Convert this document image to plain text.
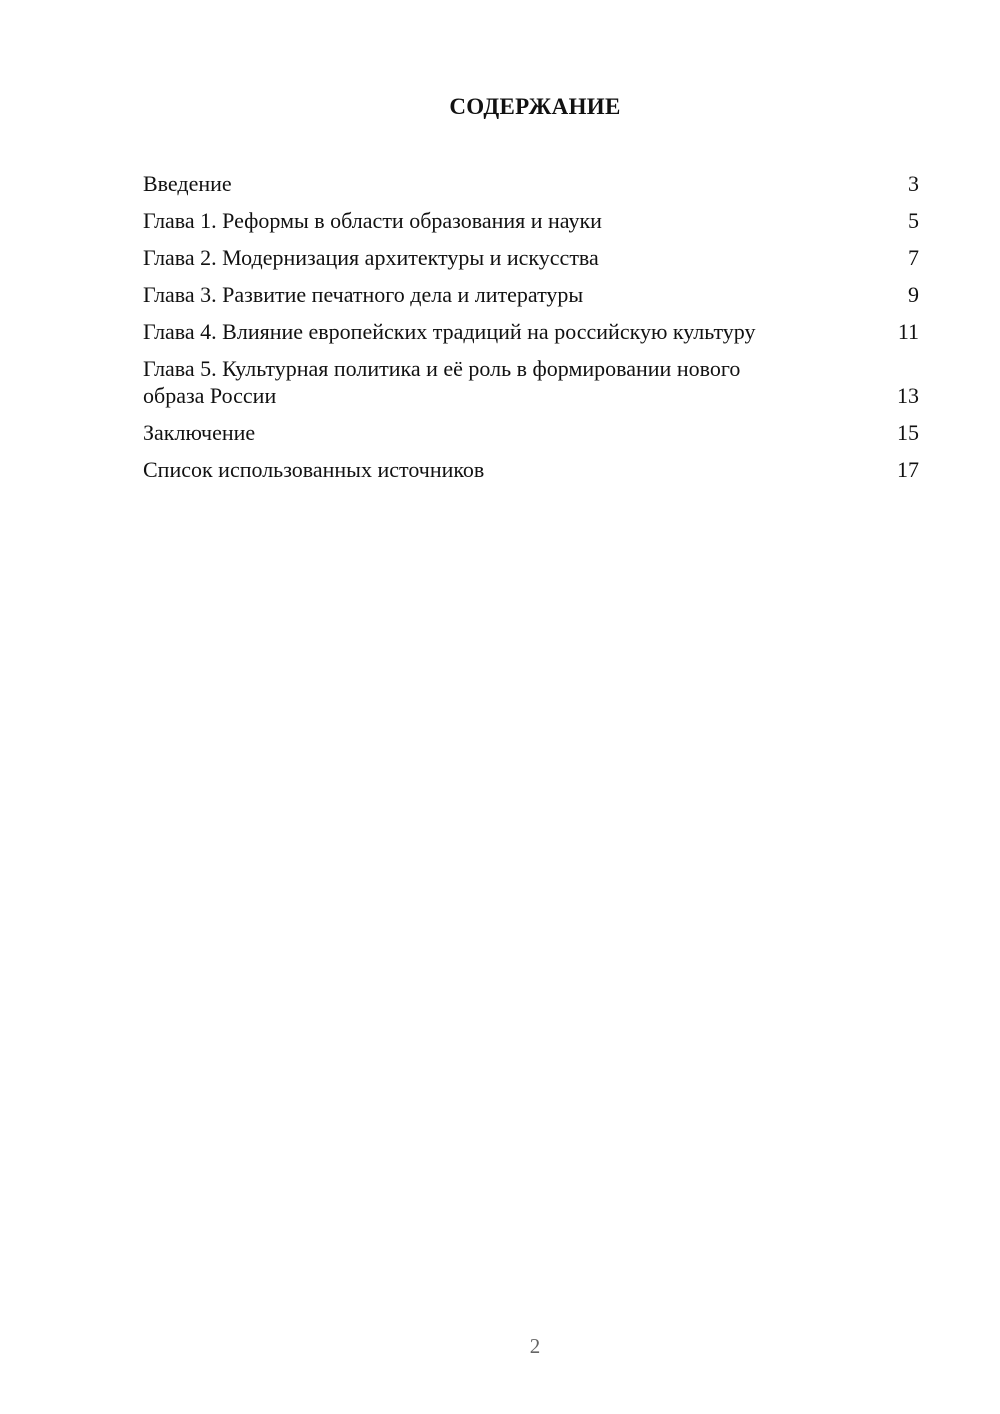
СОДЕРЖАНИЕ
Введение	3
Глава 1. Реформы в области образования и науки	5
Глава 2. Модернизация архитектуры и искусства	7
Глава 3. Развитие печатного дела и литературы	9
Глава 4. Влияние европейских традиций на российскую культуру	11
Глава 5. Культурная политика и её роль в формировании нового образа России	13
Заключение	15
Список использованных источников	17
2
